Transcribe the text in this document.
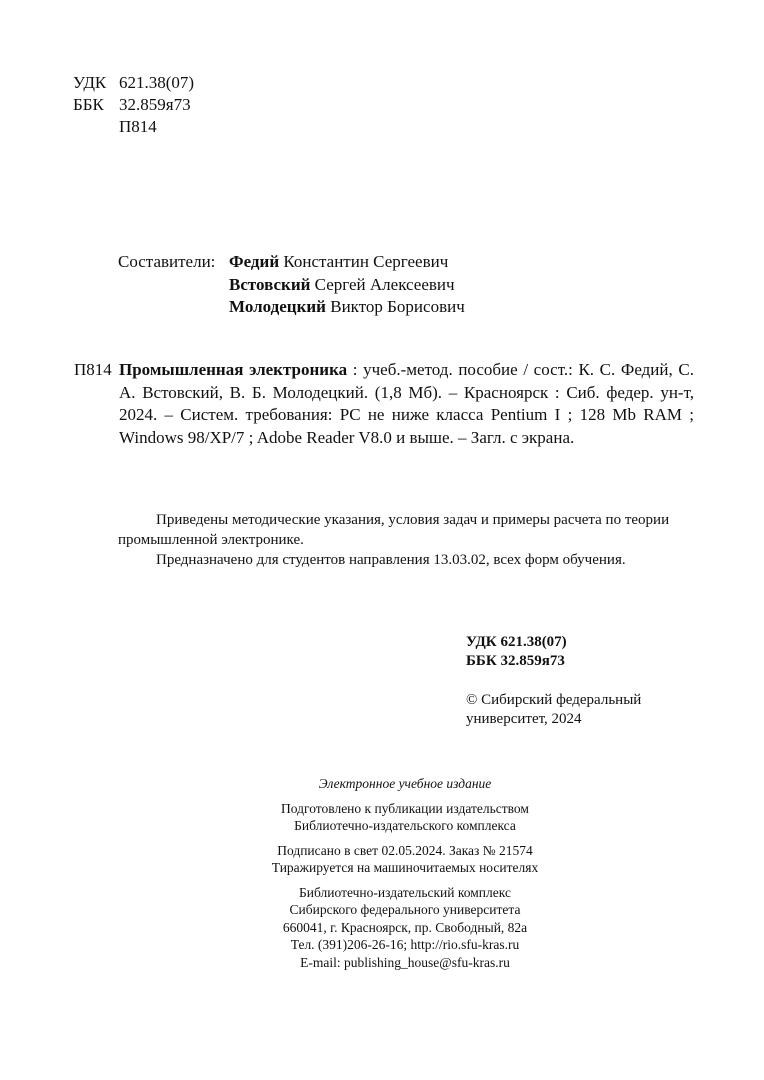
УДК 621.38(07)
ББК 32.859я73
П814
Составители: Федий Константин Сергеевич
Встовский Сергей Алексеевич
Молодецкий Виктор Борисович
П814 Промышленная электроника : учеб.-метод. пособие / сост.: К. С. Федий, С. А. Встовский, В. Б. Молодецкий. (1,8 Мб). – Красноярск : Сиб. федер. ун-т, 2024. – Систем. требования: PC не ниже класса Pentium I ; 128 Mb RAM ; Windows 98/XP/7 ; Adobe Reader V8.0 и выше. – Загл. с экрана.

Приведены методические указания, условия задач и примеры расчета по теории промышленной электронике.

Предназначено для студентов направления 13.03.02, всех форм обучения.

УДК 621.38(07)
ББК 32.859я73
© Сибирский федеральный
университет, 2024

Электронное учебное издание

Подготовлено к публикации издательством

Библиотечно-издательского комплекса

Подписано в свет 02.05.2024. Заказ № 21574

Тиражируется на машиночитаемых носителях

Библиотечно-издательский комплекс

Сибирского федерального университета

660041, г. Красноярск, пр. Свободный, 82а

Тел. (391)206-26-16; http://rio.sfu-kras.ru

E-mail: publishing_house@sfu-kras.ru
